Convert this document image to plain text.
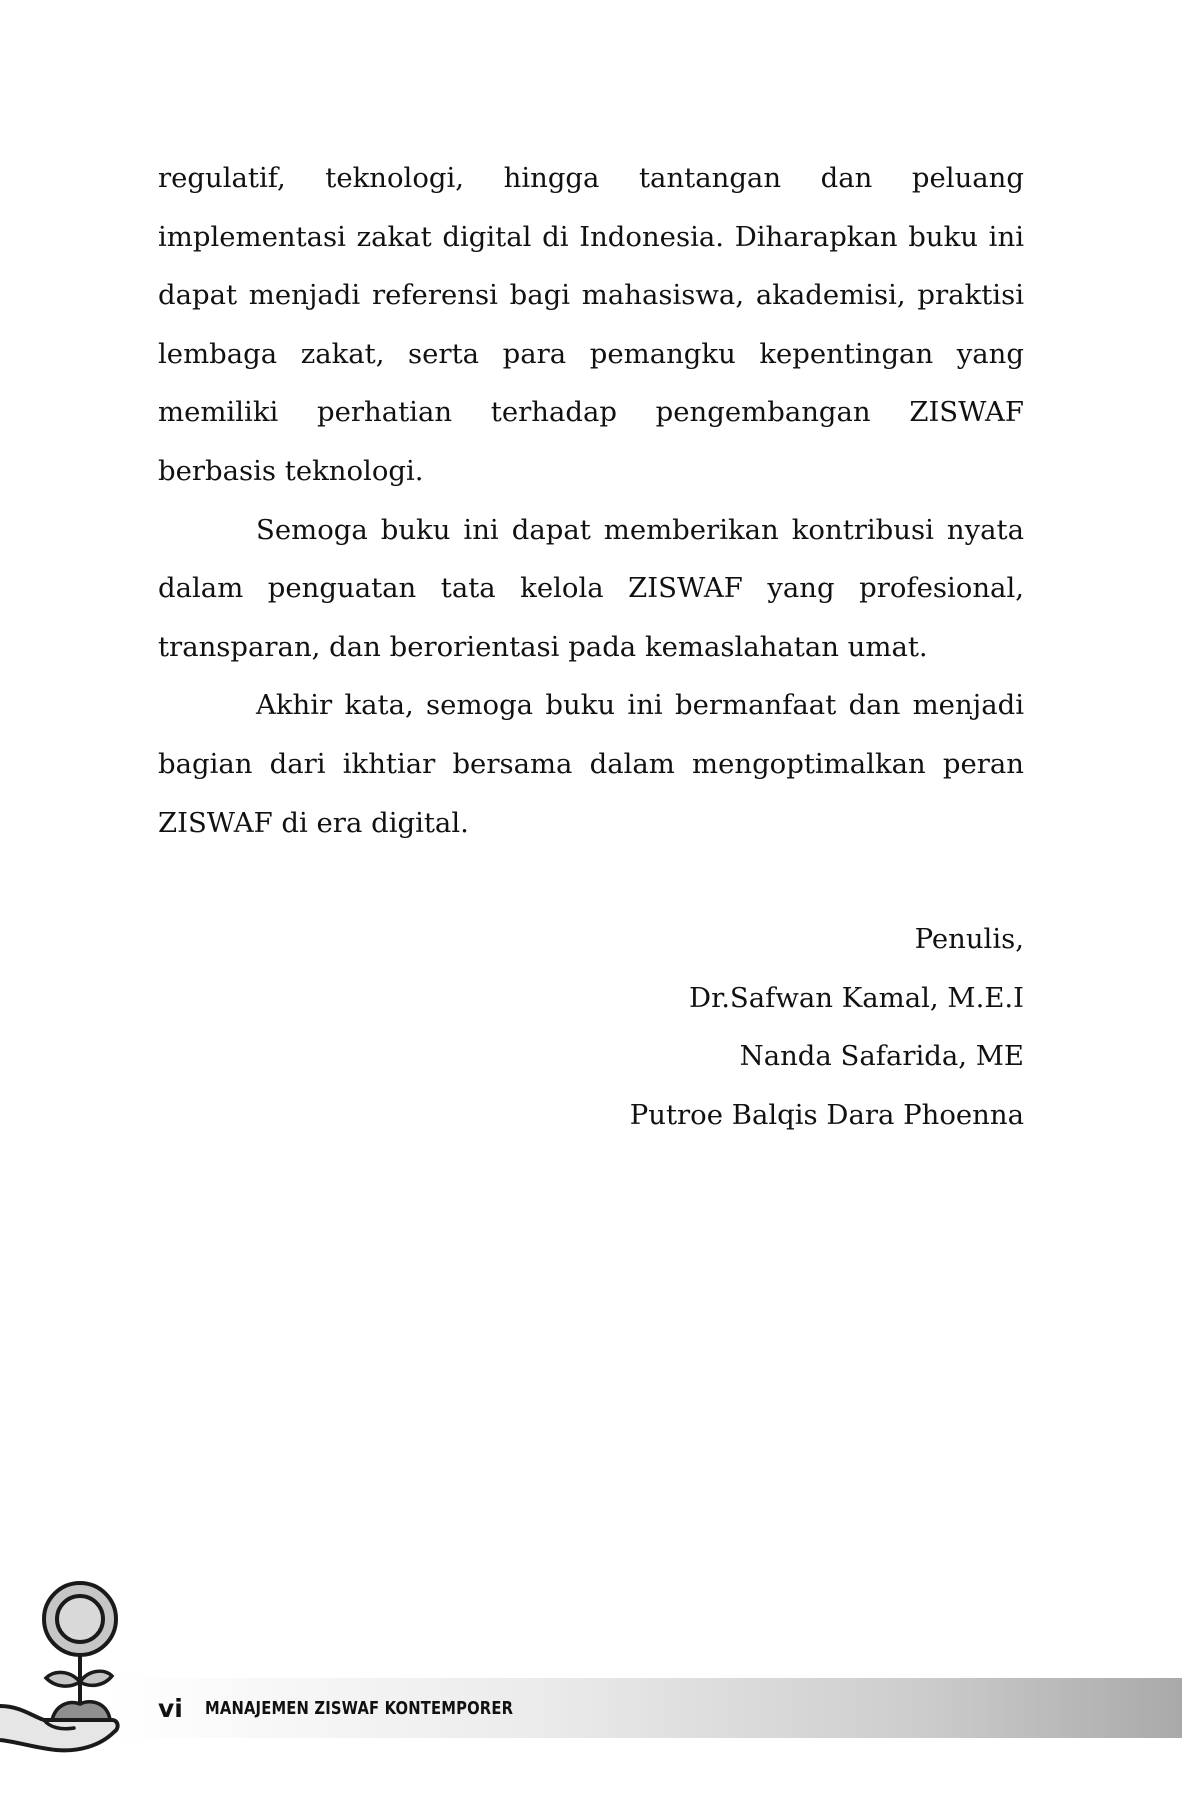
regulatif, teknologi, hingga tantangan dan peluang implementasi zakat digital di Indonesia. Diharapkan buku ini dapat menjadi referensi bagi mahasiswa, akademisi, praktisi lembaga zakat, serta para pemangku kepentingan yang memiliki perhatian terhadap pengembangan ZISWAF berbasis teknologi.

Semoga buku ini dapat memberikan kontribusi nyata dalam penguatan tata kelola ZISWAF yang profesional, transparan, dan berorientasi pada kemaslahatan umat.

Akhir kata, semoga buku ini bermanfaat dan menjadi bagian dari ikhtiar bersama dalam mengoptimalkan peran ZISWAF di era digital.

Penulis,
Dr.Safwan Kamal, M.E.I
Nanda Safarida, ME
Putroe Balqis Dara Phoenna
vi MANAJEMEN ZISWAF KONTEMPORER
